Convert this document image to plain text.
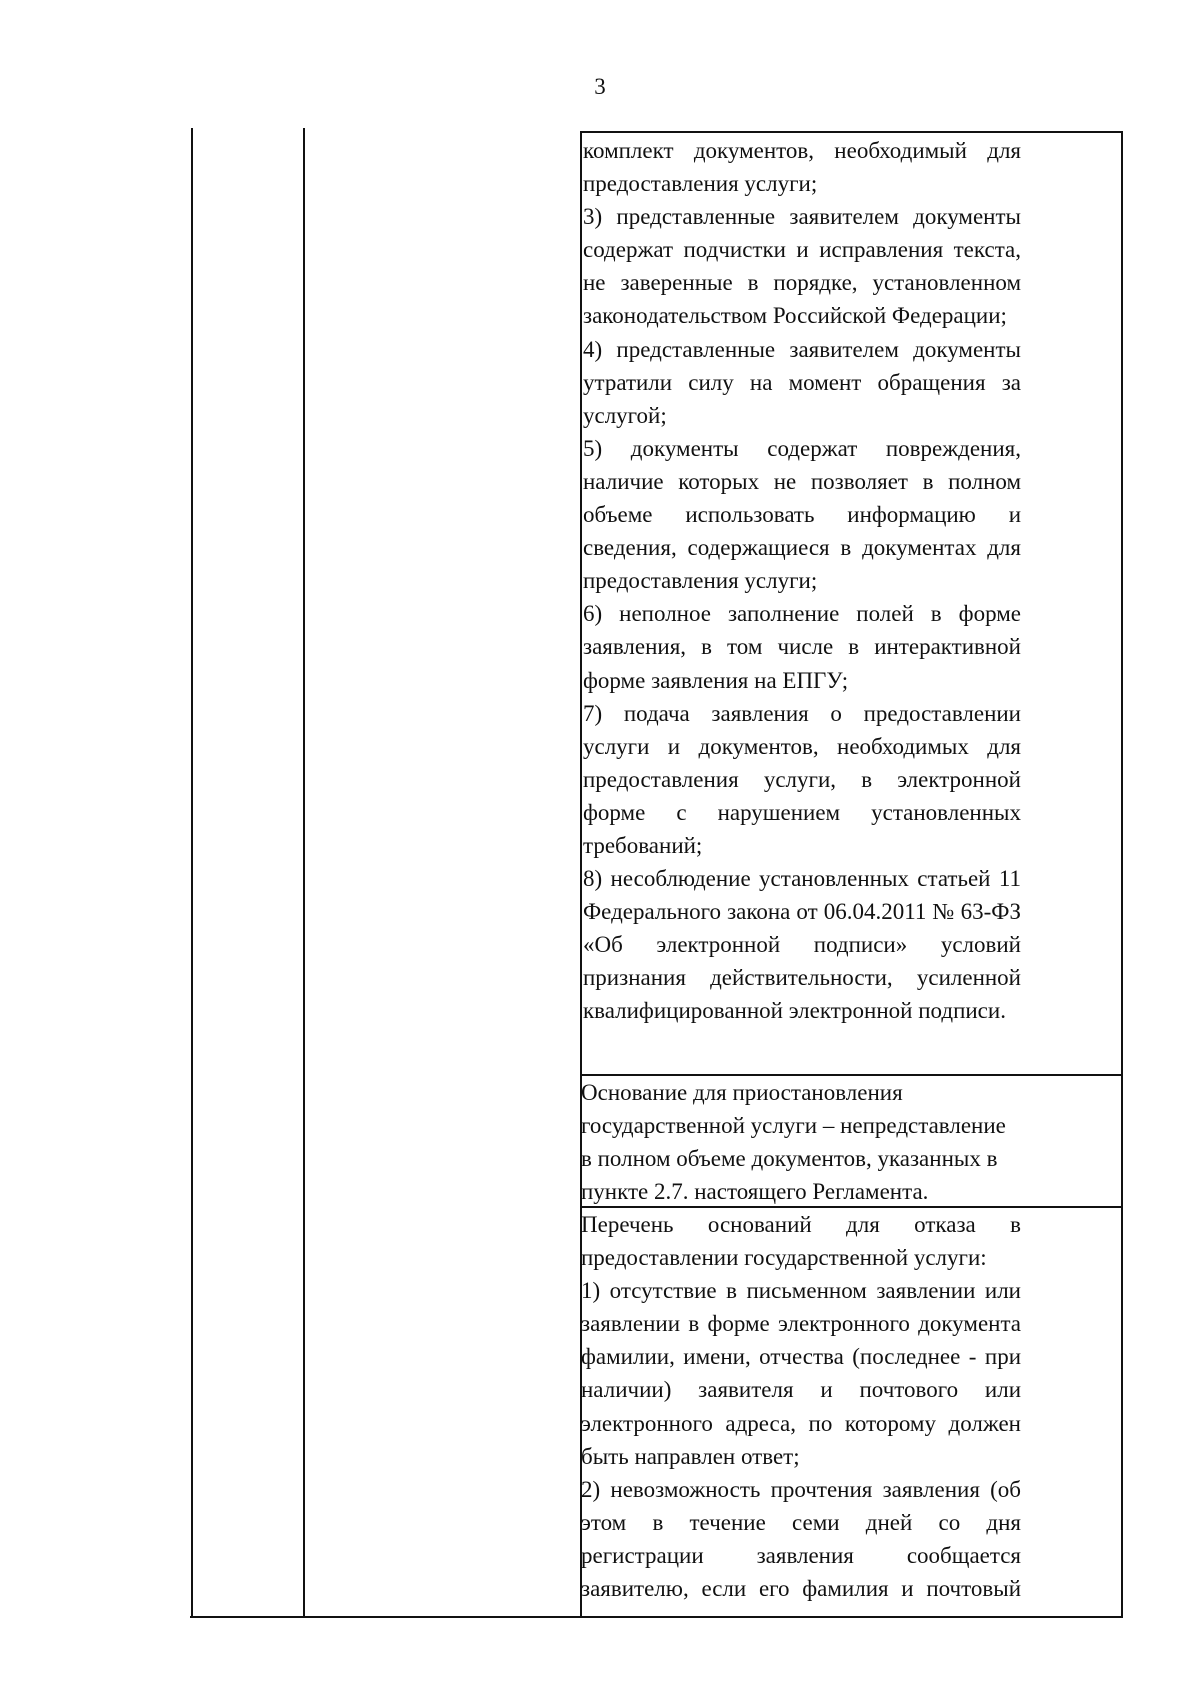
3
комплект документов, необходимый для предоставления услуги;
3) представленные заявителем документы содержат подчистки и исправления текста, не заверенные в порядке, установленном законодательством Российской Федерации;
4) представленные заявителем документы утратили силу на момент обращения за услугой;
5) документы содержат повреждения, наличие которых не позволяет в полном объеме использовать информацию и сведения, содержащиеся в документах для предоставления услуги;
6) неполное заполнение полей в форме заявления, в том числе в интерактивной форме заявления на ЕПГУ;
7) подача заявления о предоставлении услуги и документов, необходимых для предоставления услуги, в электронной форме с нарушением установленных требований;
8) несоблюдение установленных статьей 11 Федерального закона от 06.04.2011 № 63-ФЗ «Об электронной подписи» условий признания действительности, усиленной квалифицированной электронной подписи.
Основание для приостановления
государственной услуги – непредставление
в полном объеме документов, указанных в
пункте 2.7. настоящего Регламента.
Перечень оснований для отказа в предоставлении государственной услуги:
1) отсутствие в письменном заявлении или заявлении в форме электронного документа фамилии, имени, отчества (последнее - при наличии) заявителя и почтового или электронного адреса, по которому должен быть направлен ответ;
2) невозможность прочтения заявления (об этом в течение семи дней со дня регистрации заявления сообщается заявителю, если его фамилия и почтовый
